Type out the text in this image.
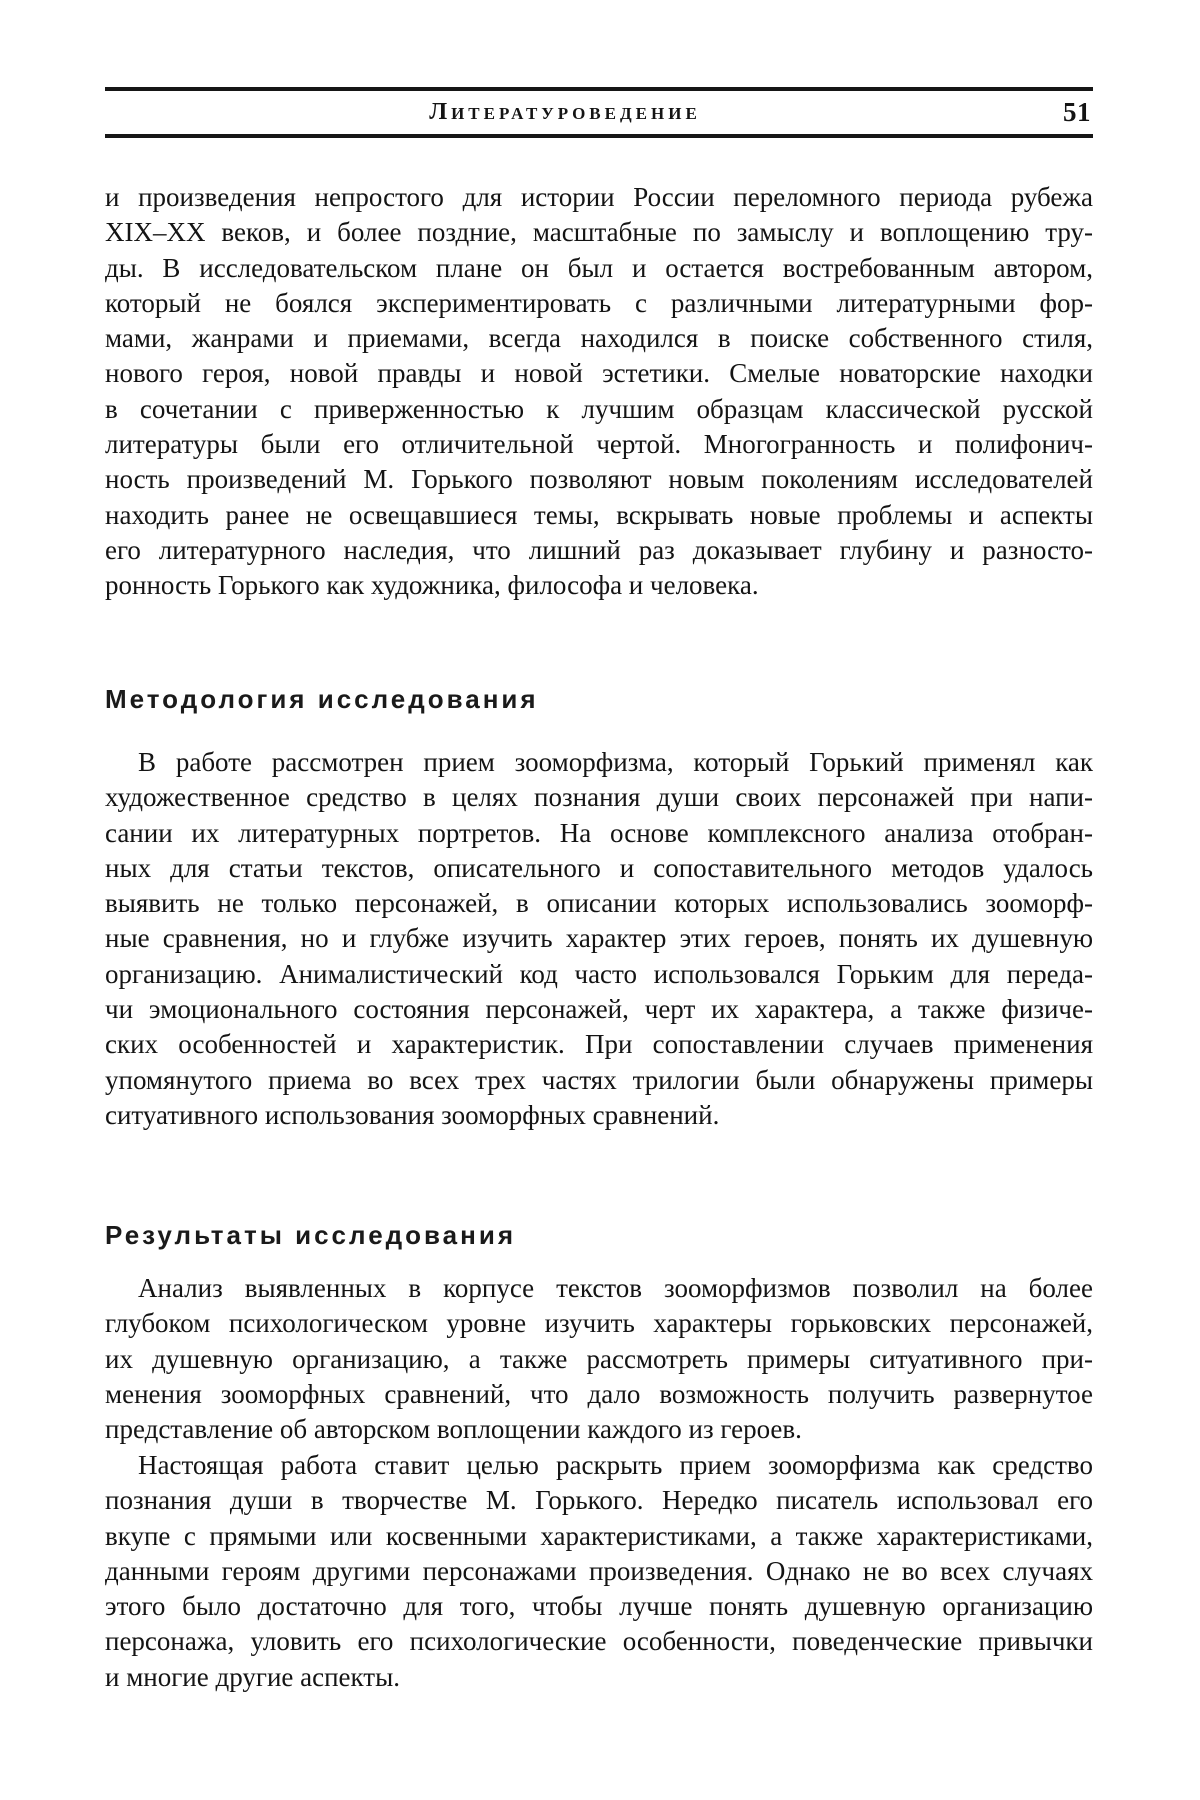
Литературоведение	51
и произведения непростого для истории России переломного периода рубежа
XIX–XX веков, и более поздние, масштабные по замыслу и воплощению тру-
ды. В исследовательском плане он был и остается востребованным автором,
который не боялся экспериментировать с различными литературными фор-
мами, жанрами и приемами, всегда находился в поиске собственного стиля,
нового героя, новой правды и новой эстетики. Смелые новаторские находки
в сочетании с приверженностью к лучшим образцам классической русской
литературы были его отличительной чертой. Многогранность и полифонич-
ность произведений М. Горького позволяют новым поколениям исследователей
находить ранее не освещавшиеся темы, вскрывать новые проблемы и аспекты
его литературного наследия, что лишний раз доказывает глубину и разносто-
ронность Горького как художника, философа и человека.
Методология исследования
В работе рассмотрен прием зооморфизма, который Горький применял как
художественное средство в целях познания души своих персонажей при напи-
сании их литературных портретов. На основе комплексного анализа отобран-
ных для статьи текстов, описательного и сопоставительного методов удалось
выявить не только персонажей, в описании которых использовались зооморф-
ные сравнения, но и глубже изучить характер этих героев, понять их душевную
организацию. Анималистический код часто использовался Горьким для переда-
чи эмоционального состояния персонажей, черт их характера, а также физиче-
ских особенностей и характеристик. При сопоставлении случаев применения
упомянутого приема во всех трех частях трилогии были обнаружены примеры
ситуативного использования зооморфных сравнений.
Результаты исследования
Анализ выявленных в корпусе текстов зооморфизмов позволил на более
глубоком психологическом уровне изучить характеры горьковских персонажей,
их душевную организацию, а также рассмотреть примеры ситуативного при-
менения зооморфных сравнений, что дало возможность получить развернутое
представление об авторском воплощении каждого из героев.
Настоящая работа ставит целью раскрыть прием зооморфизма как средство
познания души в творчестве М. Горького. Нередко писатель использовал его
вкупе с прямыми или косвенными характеристиками, а также характеристиками,
данными героям другими персонажами произведения. Однако не во всех случаях
этого было достаточно для того, чтобы лучше понять душевную организацию
персонажа, уловить его психологические особенности, поведенческие привычки
и многие другие аспекты.
